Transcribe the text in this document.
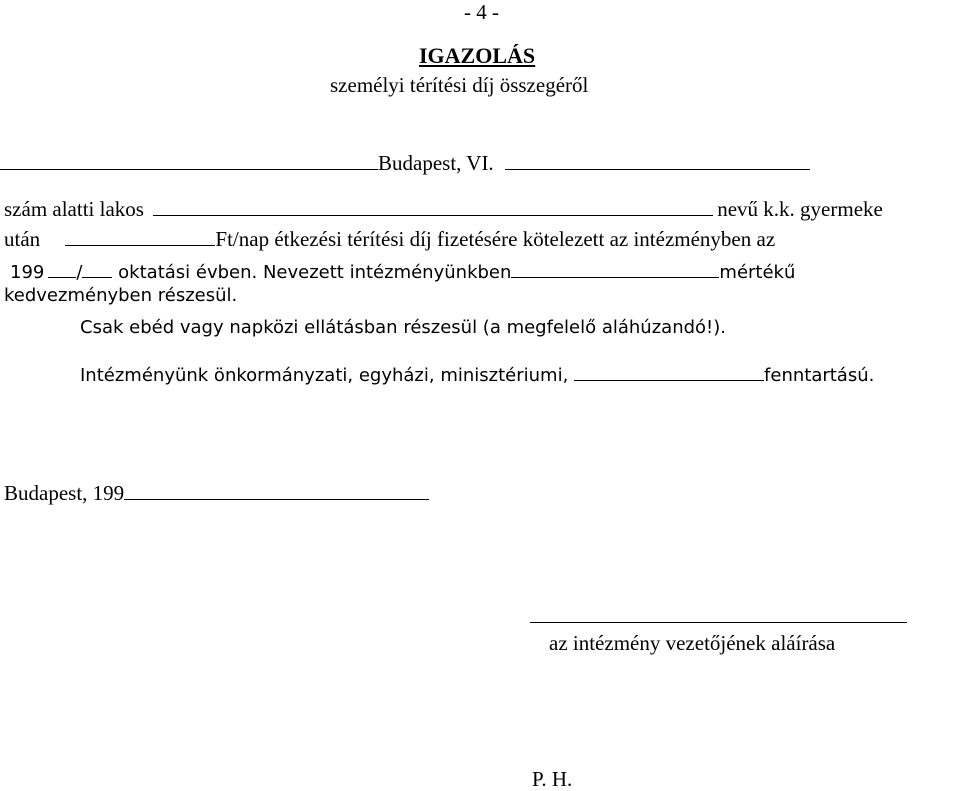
- 4 -
IGAZOLÁS
személyi térítési díj összegéről
Budapest, VI.
szám alatti lakos	nevű k.k. gyermeke
után	Ft/nap étkezési térítési díj fizetésére kötelezett az intézményben az
199 / oktatási évben. Nevezett intézményünkben	mértékű
kedvezményben részesül.
Csak ebéd vagy napközi ellátásban részesül (a megfelelő aláhúzandó!).
Intézményünk önkormányzati, egyházi, minisztériumi,	fenntartású.
Budapest, 199
az intézmény vezetőjének aláírása
P. H.
